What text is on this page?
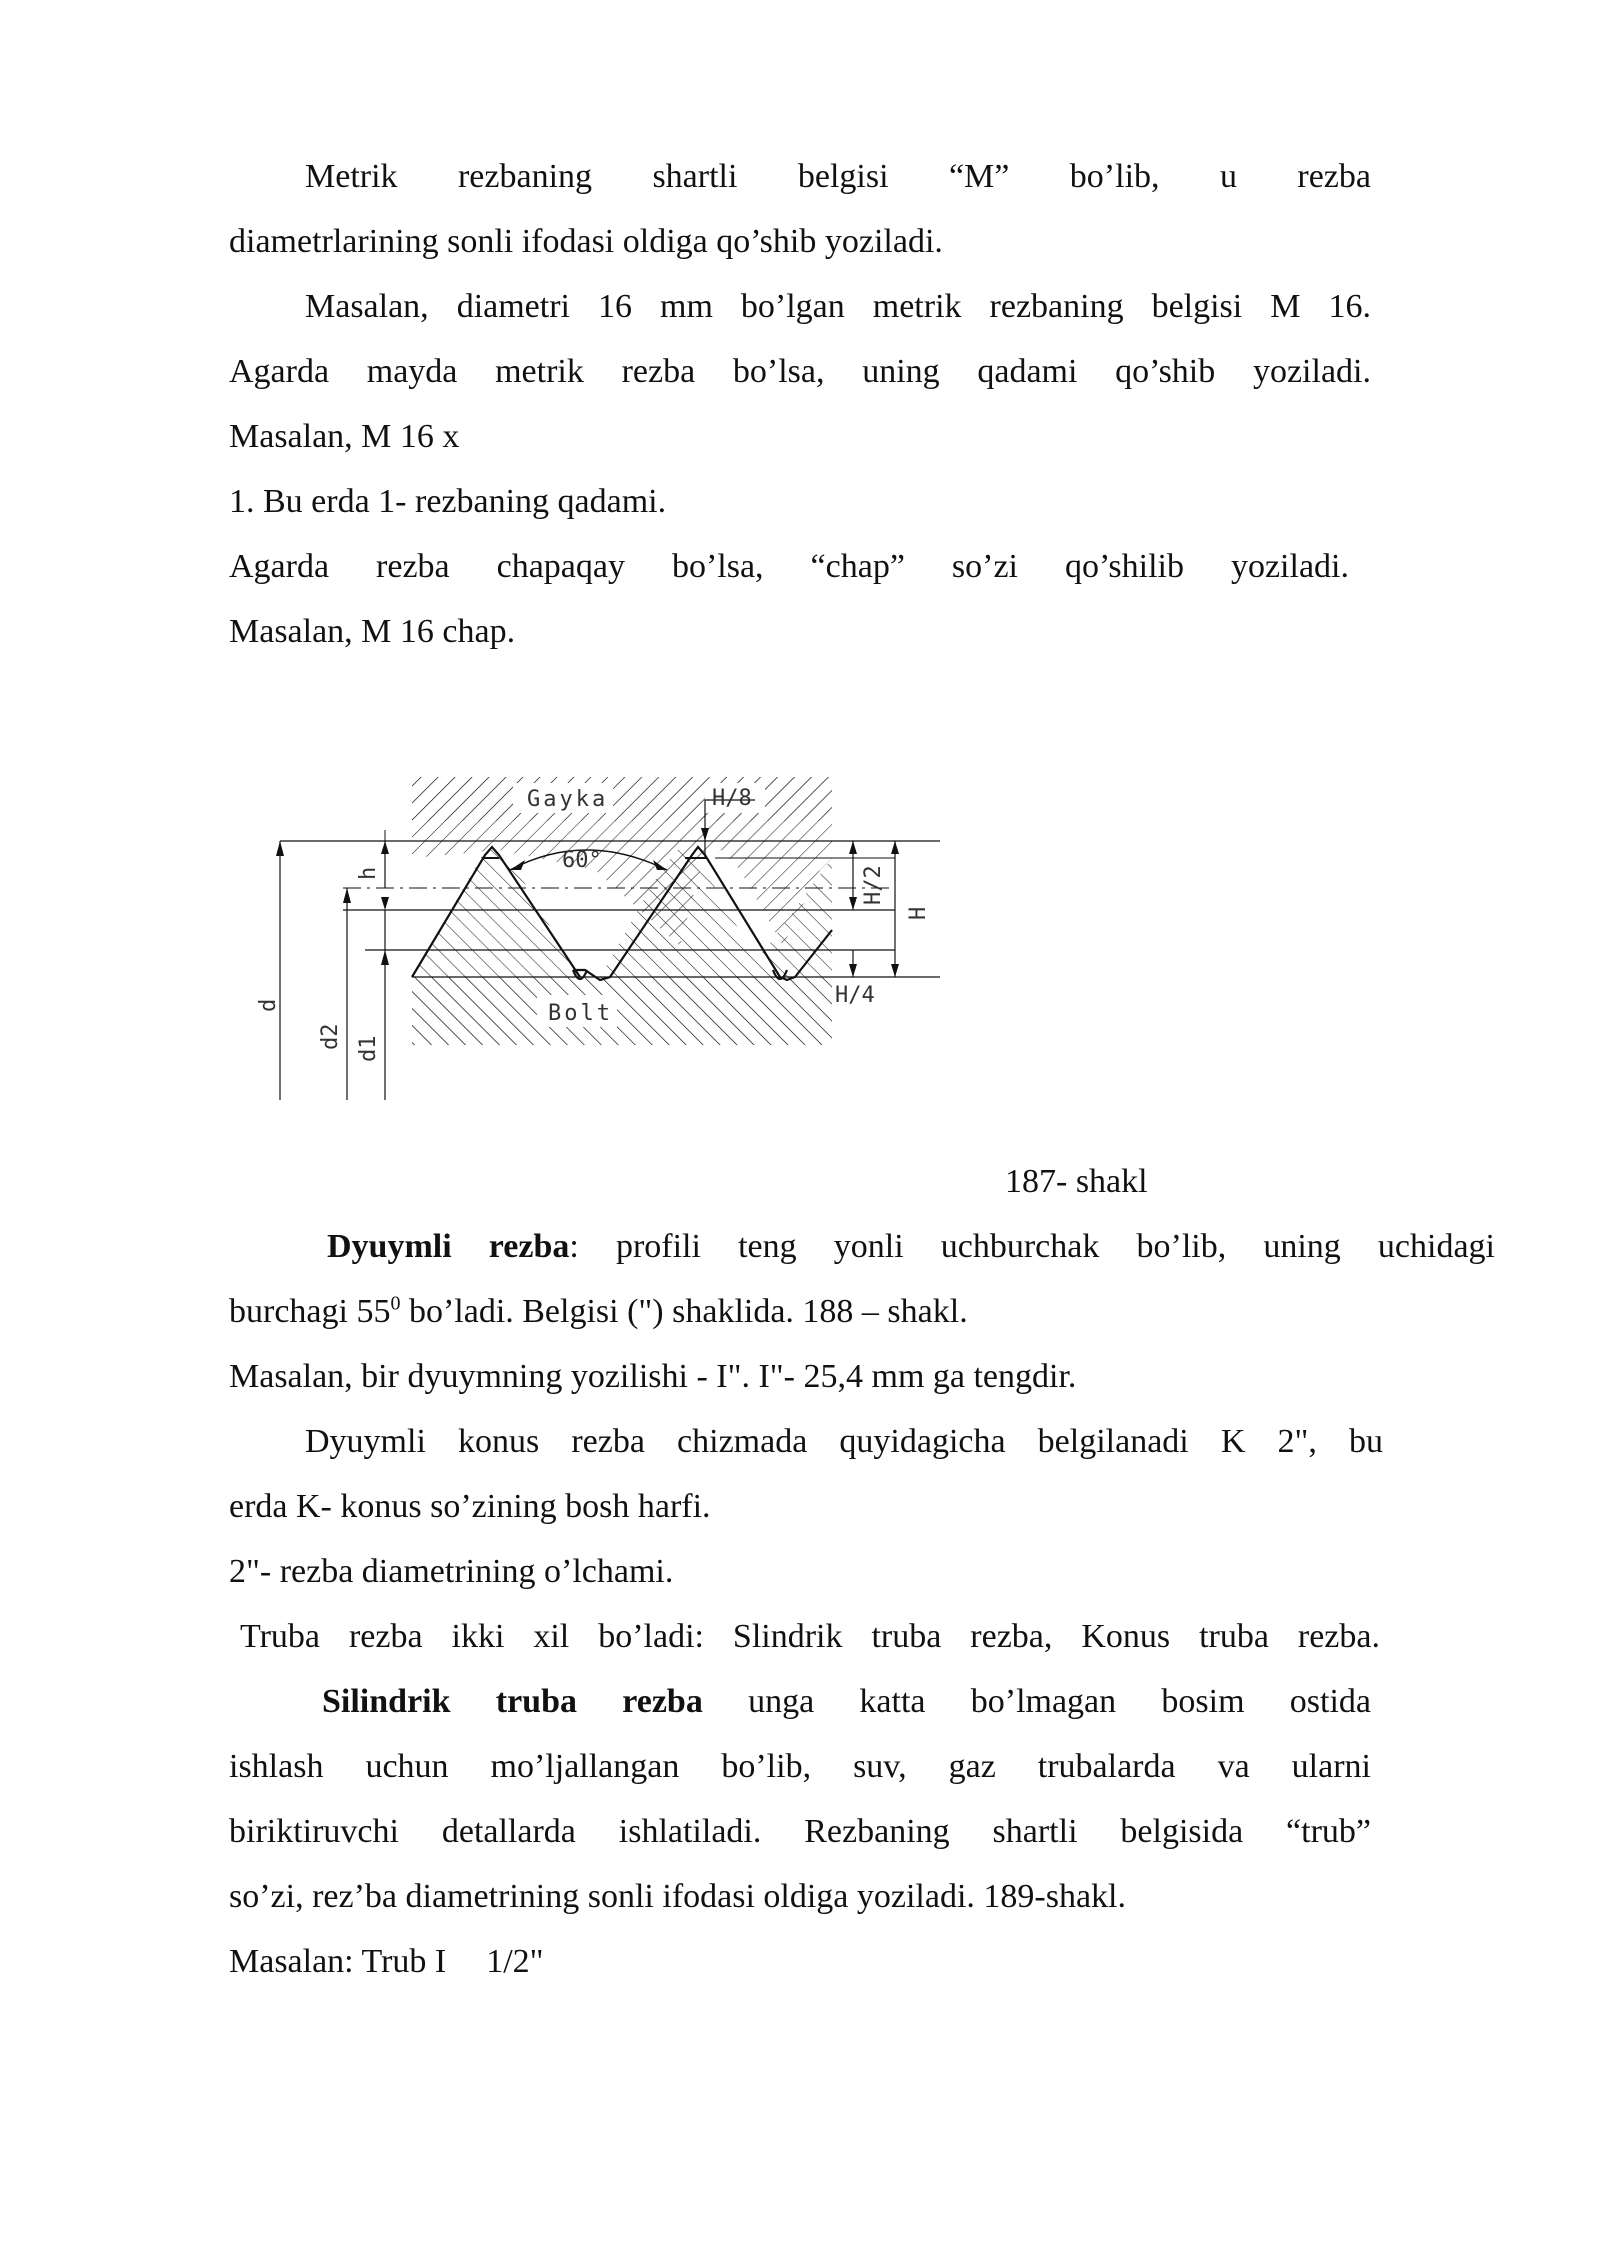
Metrik rezbaning shartli belgisi “M” bo’lib, u rezba
diametrlarining sonli ifodasi oldiga qo’shib yoziladi.
Masalan, diametri 16 mm bo’lgan metrik rezbaning belgisi M 16.
Agarda mayda metrik rezba bo’lsa, uning qadami qo’shib yoziladi.
Masalan, M 16 x
1. Bu erda 1- rezbaning qadami.
Agarda rezba chapaqay bo’lsa, “chap” so’zi qo’shilib yoziladi.
Masalan, M 16 chap.
Gayka	H/8
60°
Bolt
H/4
H/2
H
h
d
d2 d1
187- shakl
Dyuymli rezba: profili teng yonli uchburchak bo’lib, uning uchidagi
burchagi $55^0$ bo’ladi. Belgisi (") shaklida. 188 – shakl.
Masalan, bir dyuymning yozilishi - I". I"- 25,4 mm ga tengdir.
Dyuymli konus rezba chizmada quyidagicha belgilanadi K 2", bu
erda K- konus so’zining bosh harfi.
2"- rezba diametrining o’lchami.
Truba rezba ikki xil bo’ladi: Slindrik truba rezba, Konus truba rezba.
Silindrik truba rezba unga katta bo’lmagan bosim ostida
ishlash uchun mo’ljallangan bo’lib, suv, gaz trubalarda va ularni
biriktiruvchi detallarda ishlatiladi. Rezbaning shartli belgisida “trub”
so’zi, rez’ba diametrining sonli ifodasi oldiga yoziladi. 189-shakl.
Masalan: Trub I 1/2"
